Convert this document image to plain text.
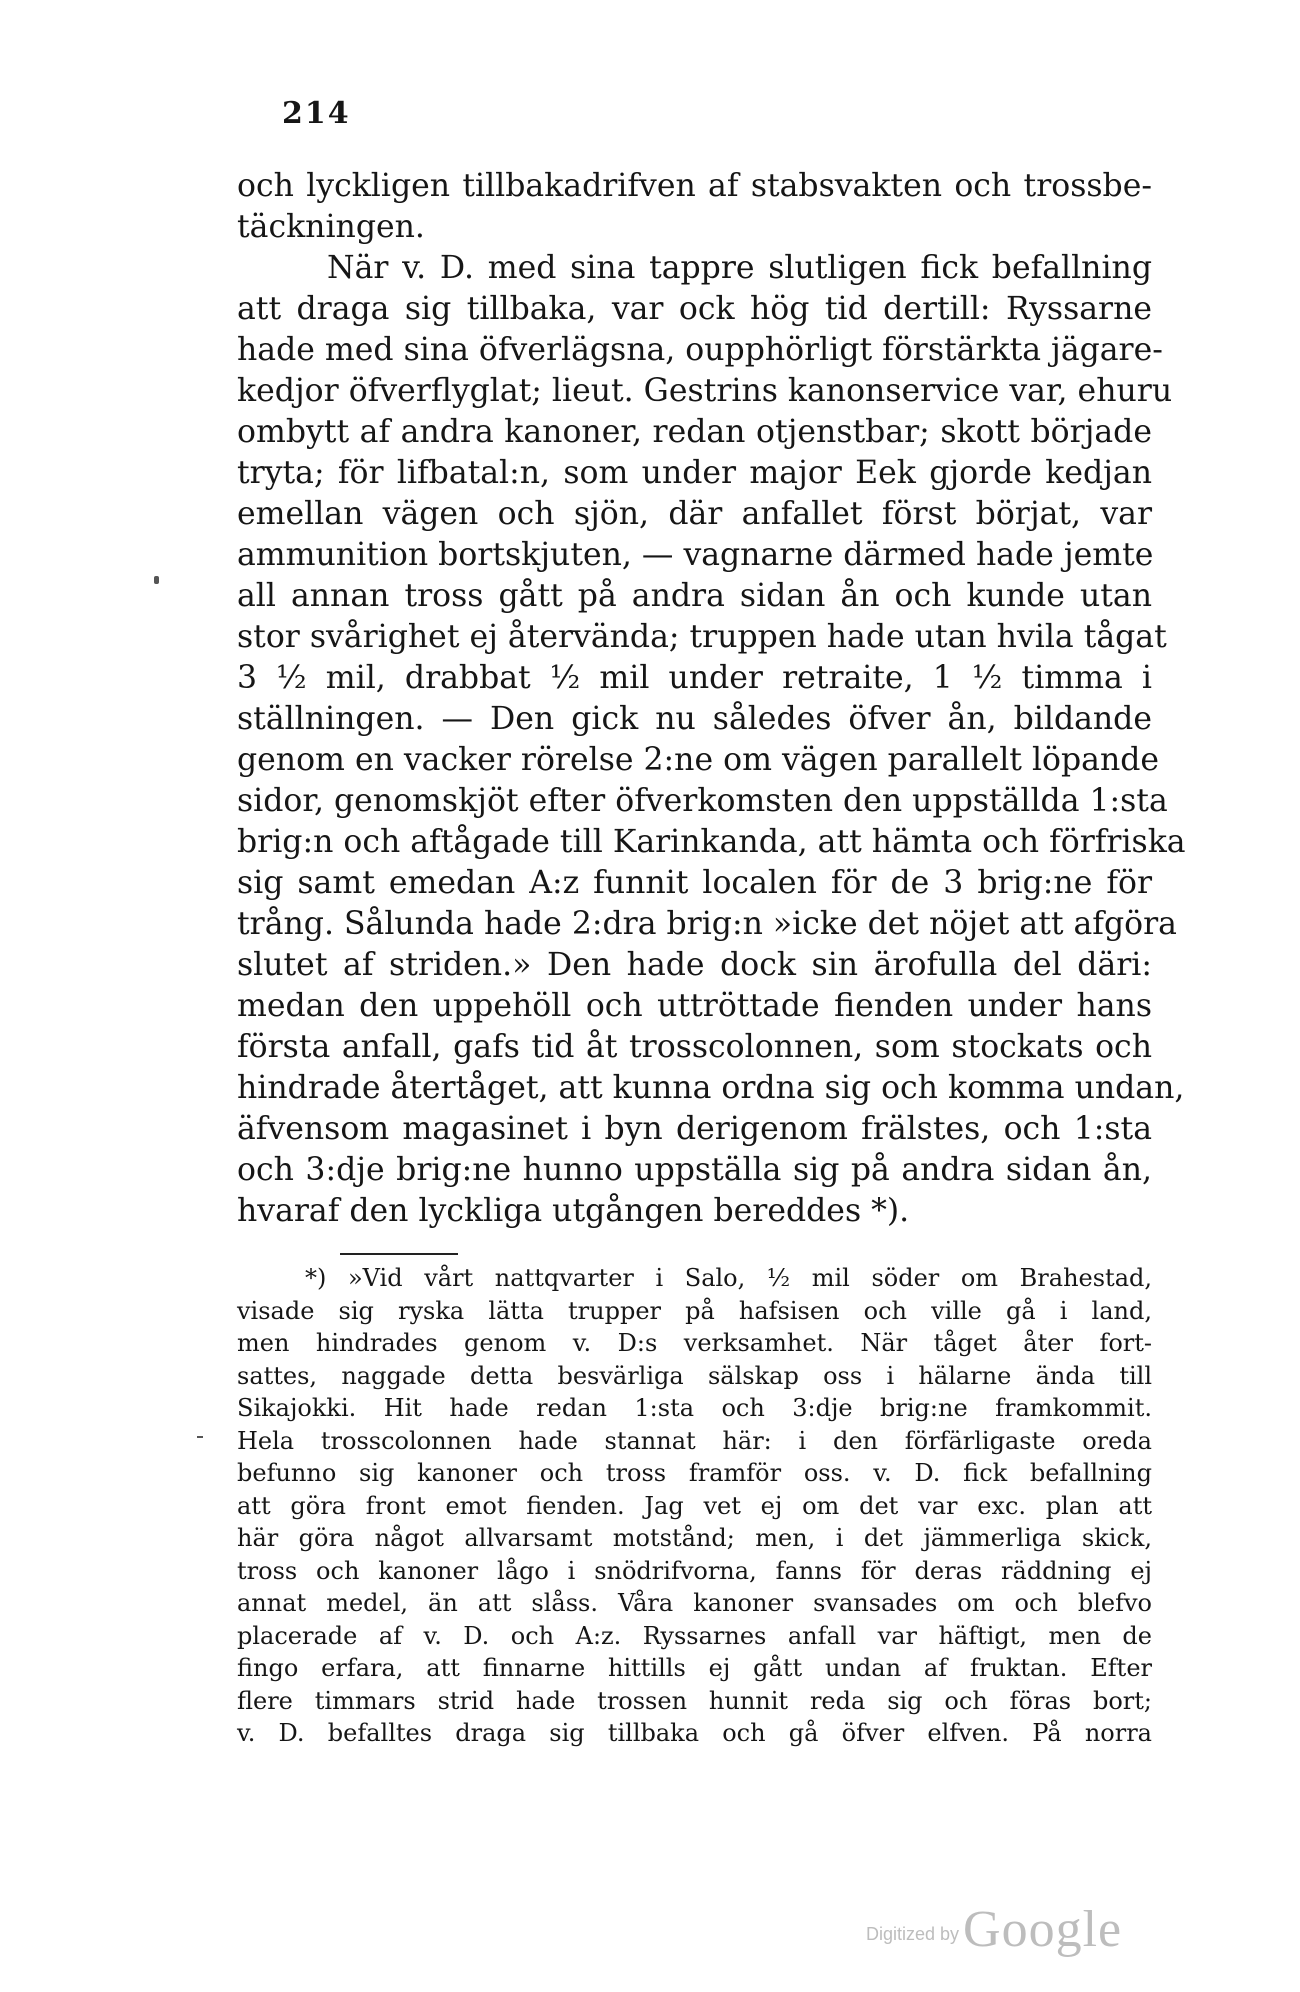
214
och lyckligen tillbakadrifven af stabsvakten och trossbe-
täckningen.
När v. D. med sina tappre slutligen fick befallning
att draga sig tillbaka, var ock hög tid dertill: Ryssarne
hade med sina öfverlägsna, oupphörligt förstärkta jägare-
kedjor öfverflyglat; lieut. Gestrins kanonservice var, ehuru
ombytt af andra kanoner, redan otjenstbar; skott började
tryta; för lifbatal:n, som under major Eek gjorde kedjan
emellan vägen och sjön, där anfallet först börjat, var
ammunition bortskjuten, — vagnarne därmed hade jemte
all annan tross gått på andra sidan ån och kunde utan
stor svårighet ej återvända; truppen hade utan hvila tågat
3 ½ mil, drabbat ½ mil under retraite, 1 ½ timma i
ställningen. — Den gick nu således öfver ån, bildande
genom en vacker rörelse 2:ne om vägen parallelt löpande
sidor, genomskjöt efter öfverkomsten den uppställda 1:sta
brig:n och aftågade till Karinkanda, att hämta och förfriska
sig samt emedan A:z funnit localen för de 3 brig:ne för
trång. Sålunda hade 2:dra brig:n »icke det nöjet att afgöra
slutet af striden.» Den hade dock sin ärofulla del däri:
medan den uppehöll och uttröttade fienden under hans
första anfall, gafs tid åt trosscolonnen, som stockats och
hindrade återtåget, att kunna ordna sig och komma undan,
äfvensom magasinet i byn derigenom frälstes, och 1:sta
och 3:dje brig:ne hunno uppställa sig på andra sidan ån,
hvaraf den lyckliga utgången bereddes *).
*) »Vid vårt nattqvarter i Salo, ½ mil söder om Brahestad,
visade sig ryska lätta trupper på hafsisen och ville gå i land,
men hindrades genom v. D:s verksamhet. När tåget åter fort-
sattes, naggade detta besvärliga sälskap oss i hälarne ända till
Sikajokki. Hit hade redan 1:sta och 3:dje brig:ne framkommit.
Hela trosscolonnen hade stannat här: i den förfärligaste oreda
befunno sig kanoner och tross framför oss. v. D. fick befallning
att göra front emot fienden. Jag vet ej om det var exc. plan att
här göra något allvarsamt motstånd; men, i det jämmerliga skick,
tross och kanoner lågo i snödrifvorna, fanns för deras räddning ej
annat medel, än att slåss. Våra kanoner svansades om och blefvo
placerade af v. D. och A:z. Ryssarnes anfall var häftigt, men de
fingo erfara, att finnarne hittills ej gått undan af fruktan. Efter
flere timmars strid hade trossen hunnit reda sig och föras bort;
v. D. befalltes draga sig tillbaka och gå öfver elfven. På norra
Digitized by Google
